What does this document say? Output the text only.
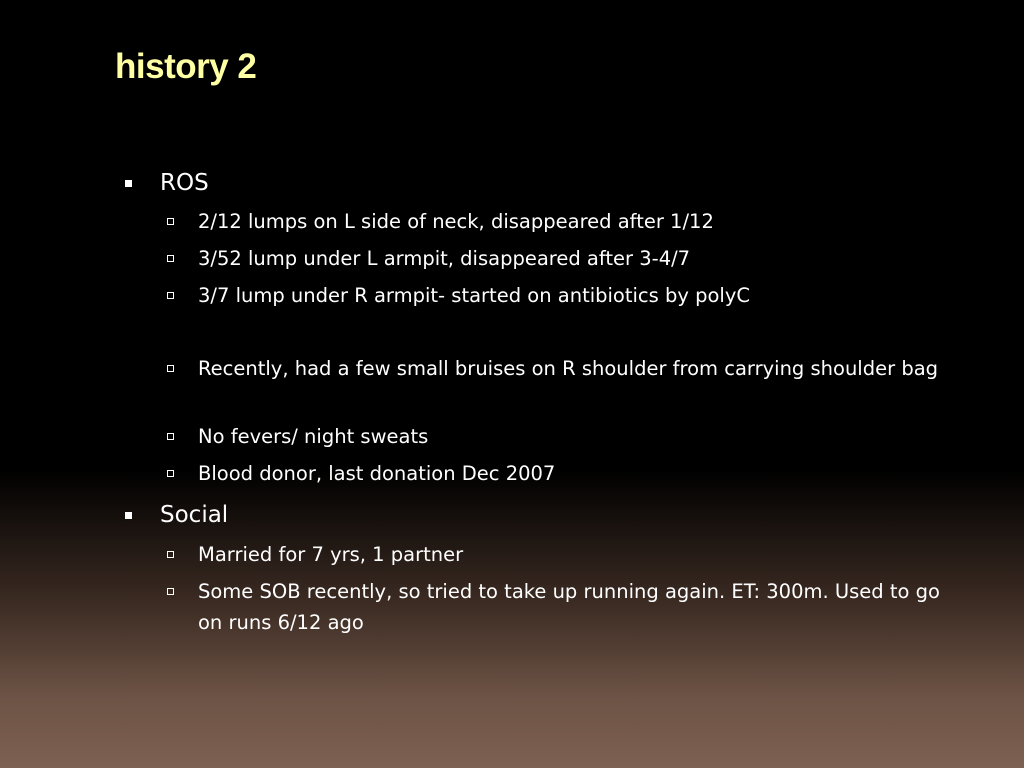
history 2
ROS
2/12 lumps on L side of neck, disappeared after 1/12
3/52 lump under L armpit, disappeared after 3-4/7
3/7 lump under R armpit- started on antibiotics by polyC
Recently, had a few small bruises on R shoulder from carrying shoulder bag
No fevers/ night sweats
Blood donor, last donation Dec 2007
Social
Married for 7 yrs, 1 partner
Some SOB recently, so tried to take up running again. ET: 300m. Used to go on runs 6/12 ago
